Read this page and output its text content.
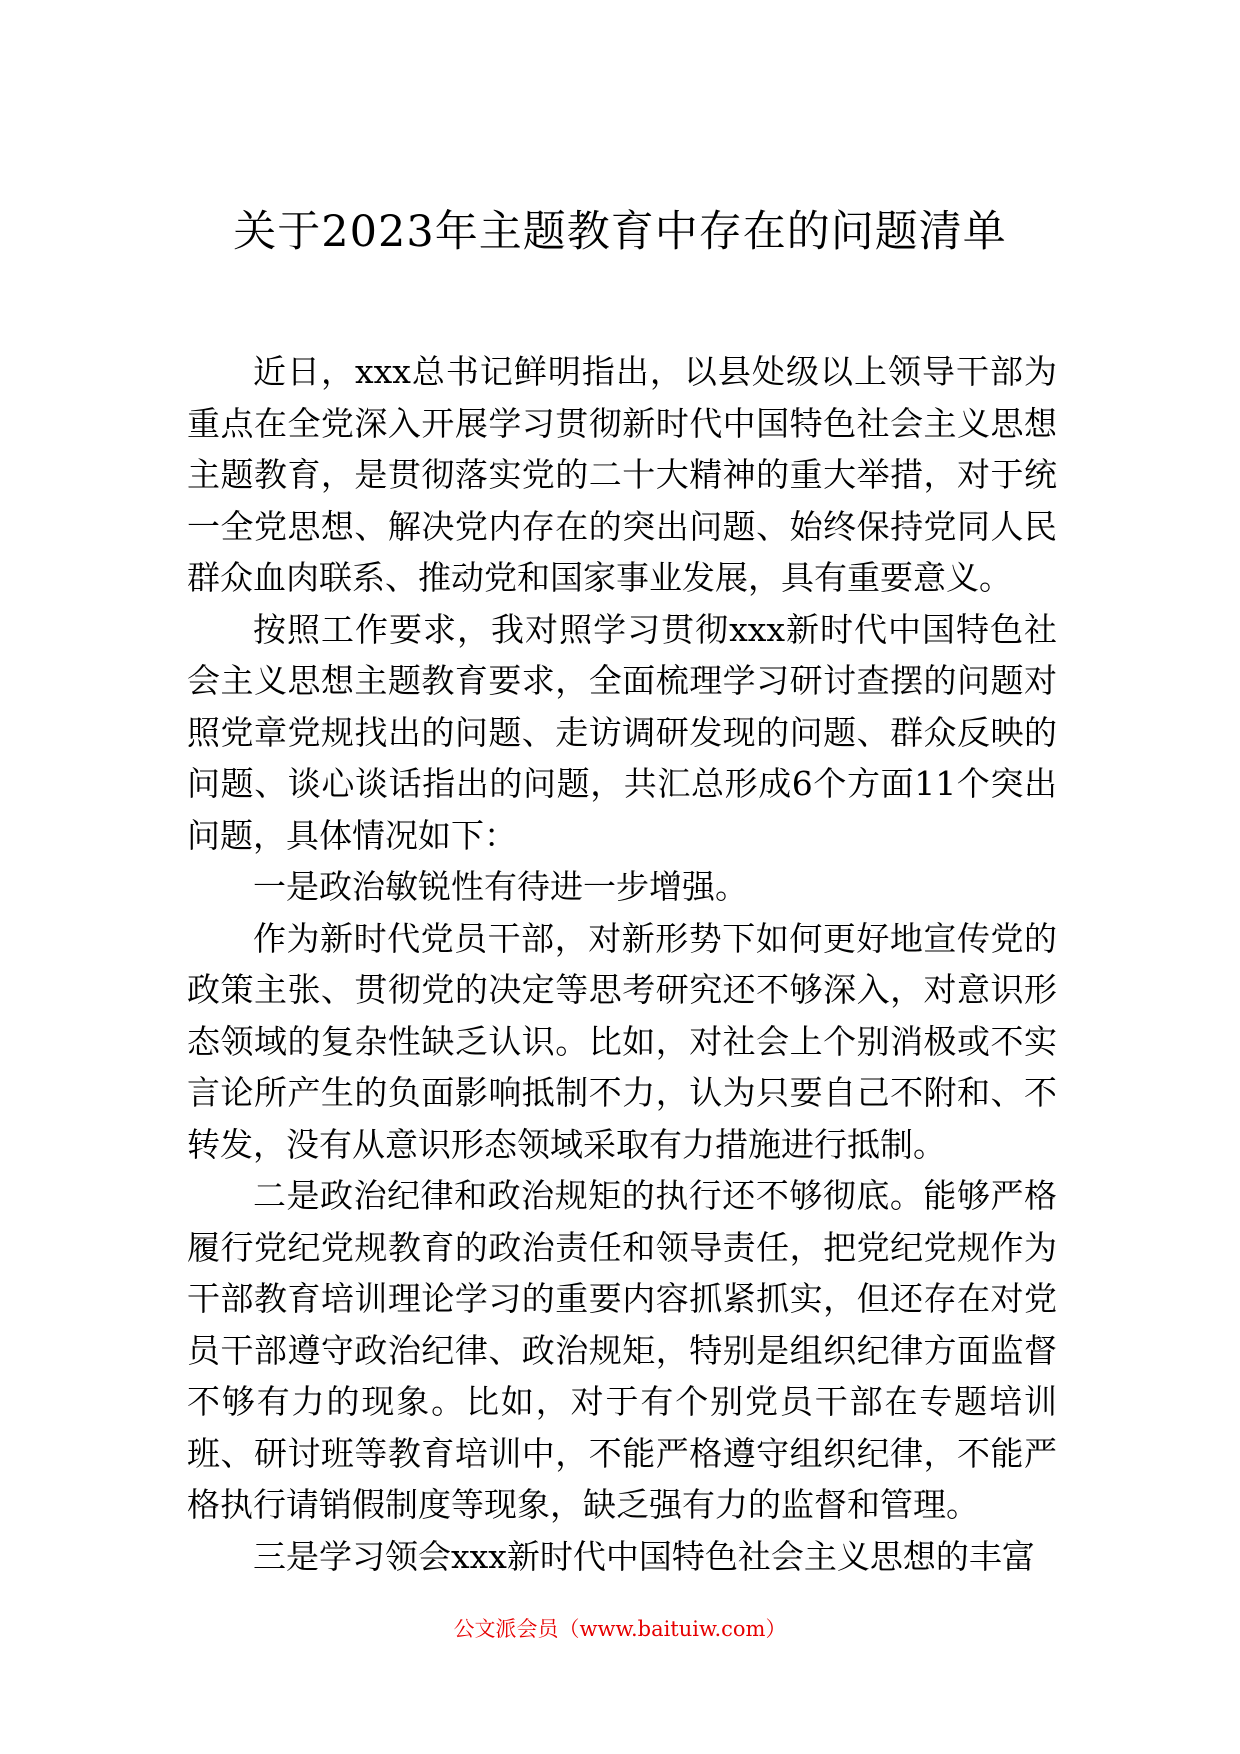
关于2023年主题教育中存在的问题清单

近日，xxx总书记鲜明指出，以县处级以上领导干部为重点在全党深入开展学习贯彻新时代中国特色社会主义思想主题教育，是贯彻落实党的二十大精神的重大举措，对于统一全党思想、解决党内存在的突出问题、始终保持党同人民群众血肉联系、推动党和国家事业发展，具有重要意义。

按照工作要求，我对照学习贯彻xxx新时代中国特色社会主义思想主题教育要求，全面梳理学习研讨查摆的问题对照党章党规找出的问题、走访调研发现的问题、群众反映的问题、谈心谈话指出的问题，共汇总形成6个方面11个突出问题，具体情况如下：

一是政治敏锐性有待进一步增强。

作为新时代党员干部，对新形势下如何更好地宣传党的政策主张、贯彻党的决定等思考研究还不够深入，对意识形态领域的复杂性缺乏认识。比如，对社会上个别消极或不实言论所产生的负面影响抵制不力，认为只要自己不附和、不转发，没有从意识形态领域采取有力措施进行抵制。

二是政治纪律和政治规矩的执行还不够彻底。能够严格履行党纪党规教育的政治责任和领导责任，把党纪党规作为干部教育培训理论学习的重要内容抓紧抓实，但还存在对党员干部遵守政治纪律、政治规矩，特别是组织纪律方面监督不够有力的现象。比如，对于有个别党员干部在专题培训班、研讨班等教育培训中，不能严格遵守组织纪律，不能严格执行请销假制度等现象，缺乏强有力的监督和管理。

三是学习领会xxx新时代中国特色社会主义思想的丰富

公文派会员（www.baituiw.com）
